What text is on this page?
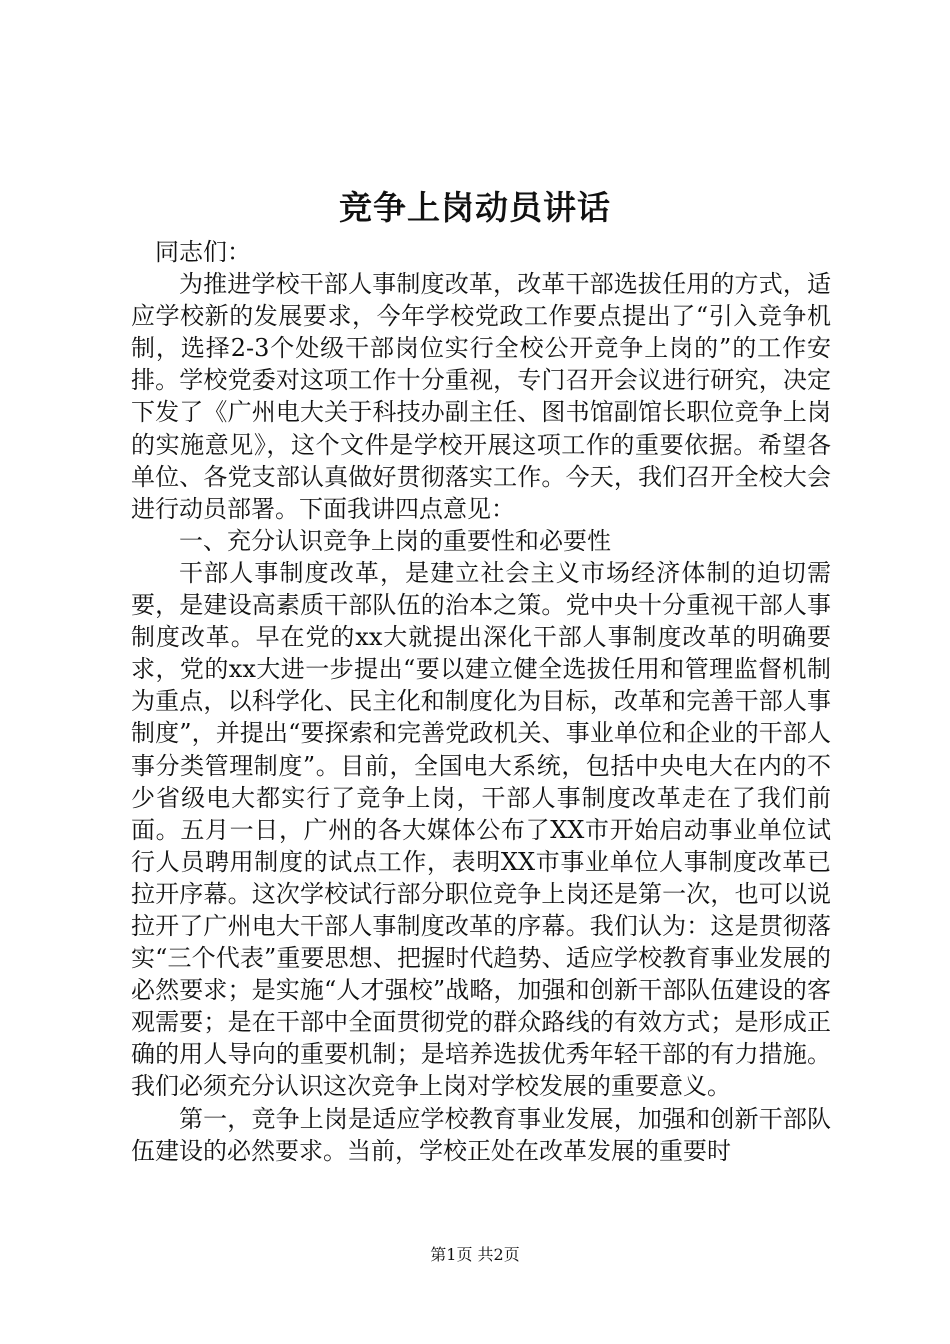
竞争上岗动员讲话

同志们：

为推进学校干部人事制度改革，改革干部选拔任用的方式，适应学校新的发展要求，今年学校党政工作要点提出了“引入竞争机制，选择2-3个处级干部岗位实行全校公开竞争上岗的”的工作安排。学校党委对这项工作十分重视，专门召开会议进行研究，决定下发了《广州电大关于科技办副主任、图书馆副馆长职位竞争上岗的实施意见》，这个文件是学校开展这项工作的重要依据。希望各单位、各党支部认真做好贯彻落实工作。今天，我们召开全校大会进行动员部署。下面我讲四点意见：

一、充分认识竞争上岗的重要性和必要性

干部人事制度改革，是建立社会主义市场经济体制的迫切需要，是建设高素质干部队伍的治本之策。党中央十分重视干部人事制度改革。早在党的xx大就提出深化干部人事制度改革的明确要求，党的xx大进一步提出“要以建立健全选拔任用和管理监督机制为重点，以科学化、民主化和制度化为目标，改革和完善干部人事制度”，并提出“要探索和完善党政机关、事业单位和企业的干部人事分类管理制度”。目前，全国电大系统，包括中央电大在内的不少省级电大都实行了竞争上岗，干部人事制度改革走在了我们前面。五月一日，广州的各大媒体公布了XX市开始启动事业单位试行人员聘用制度的试点工作，表明XX市事业单位人事制度改革已拉开序幕。这次学校试行部分职位竞争上岗还是第一次，也可以说拉开了广州电大干部人事制度改革的序幕。我们认为：这是贯彻落实“三个代表”重要思想、把握时代趋势、适应学校教育事业发展的必然要求；是实施“人才强校”战略，加强和创新干部队伍建设的客观需要；是在干部中全面贯彻党的群众路线的有效方式；是形成正确的用人导向的重要机制；是培养选拔优秀年轻干部的有力措施。我们必须充分认识这次竞争上岗对学校发展的重要意义。

第一，竞争上岗是适应学校教育事业发展，加强和创新干部队伍建设的必然要求。当前，学校正处在改革发展的重要时

第1页 共2页
